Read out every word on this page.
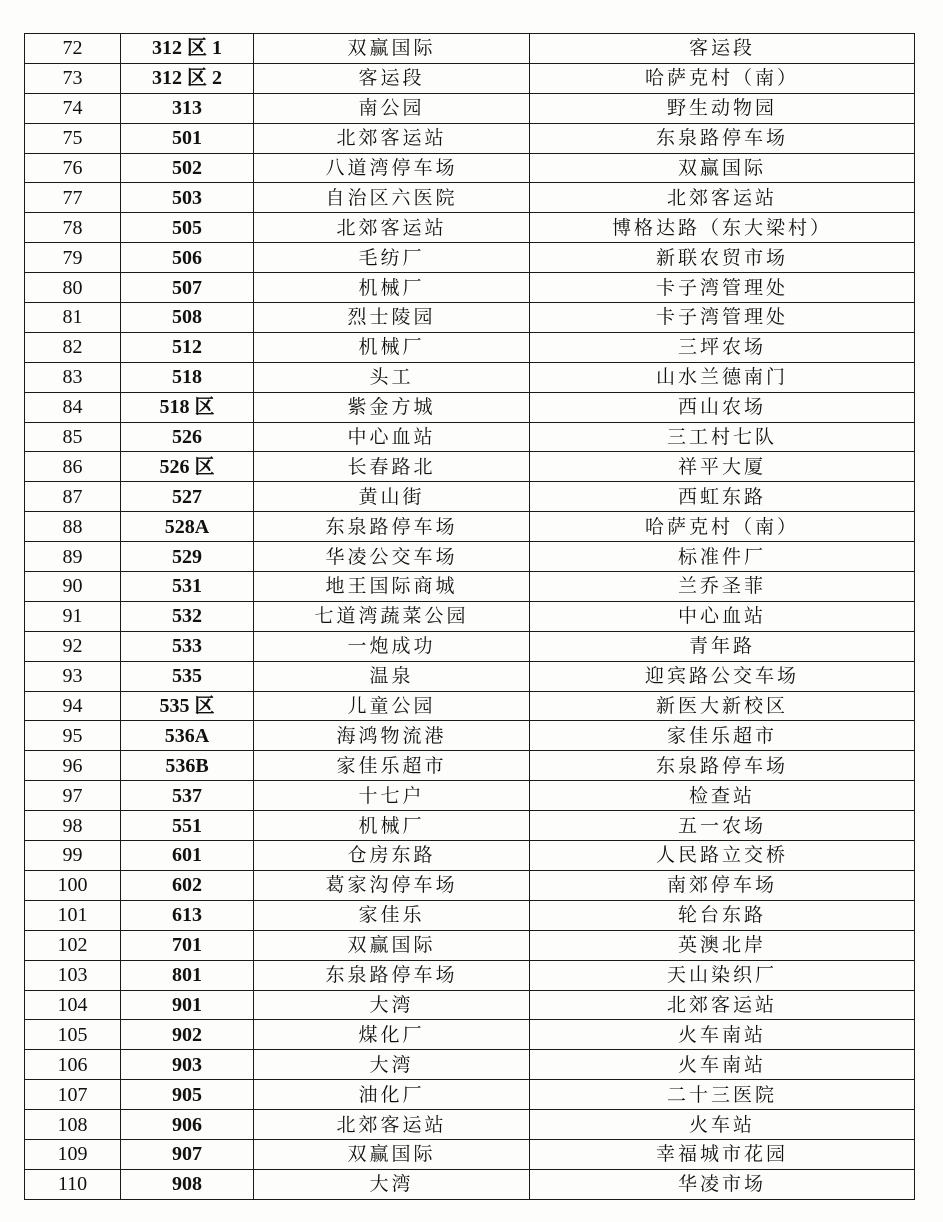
72	312 区 1	双赢国际	客运段
73	312 区 2	客运段	哈萨克村（南）
74	313	南公园	野生动物园
75	501	北郊客运站	东泉路停车场
76	502	八道湾停车场	双赢国际
77	503	自治区六医院	北郊客运站
78	505	北郊客运站	博格达路（东大梁村）
79	506	毛纺厂	新联农贸市场
80	507	机械厂	卡子湾管理处
81	508	烈士陵园	卡子湾管理处
82	512	机械厂	三坪农场
83	518	头工	山水兰德南门
84	518 区	紫金方城	西山农场
85	526	中心血站	三工村七队
86	526 区	长春路北	祥平大厦
87	527	黄山街	西虹东路
88	528A	东泉路停车场	哈萨克村（南）
89	529	华凌公交车场	标准件厂
90	531	地王国际商城	兰乔圣菲
91	532	七道湾蔬菜公园	中心血站
92	533	一炮成功	青年路
93	535	温泉	迎宾路公交车场
94	535 区	儿童公园	新医大新校区
95	536A	海鸿物流港	家佳乐超市
96	536B	家佳乐超市	东泉路停车场
97	537	十七户	检查站
98	551	机械厂	五一农场
99	601	仓房东路	人民路立交桥
100	602	葛家沟停车场	南郊停车场
101	613	家佳乐	轮台东路
102	701	双赢国际	英澳北岸
103	801	东泉路停车场	天山染织厂
104	901	大湾	北郊客运站
105	902	煤化厂	火车南站
106	903	大湾	火车南站
107	905	油化厂	二十三医院
108	906	北郊客运站	火车站
109	907	双赢国际	幸福城市花园
110	908	大湾	华凌市场
